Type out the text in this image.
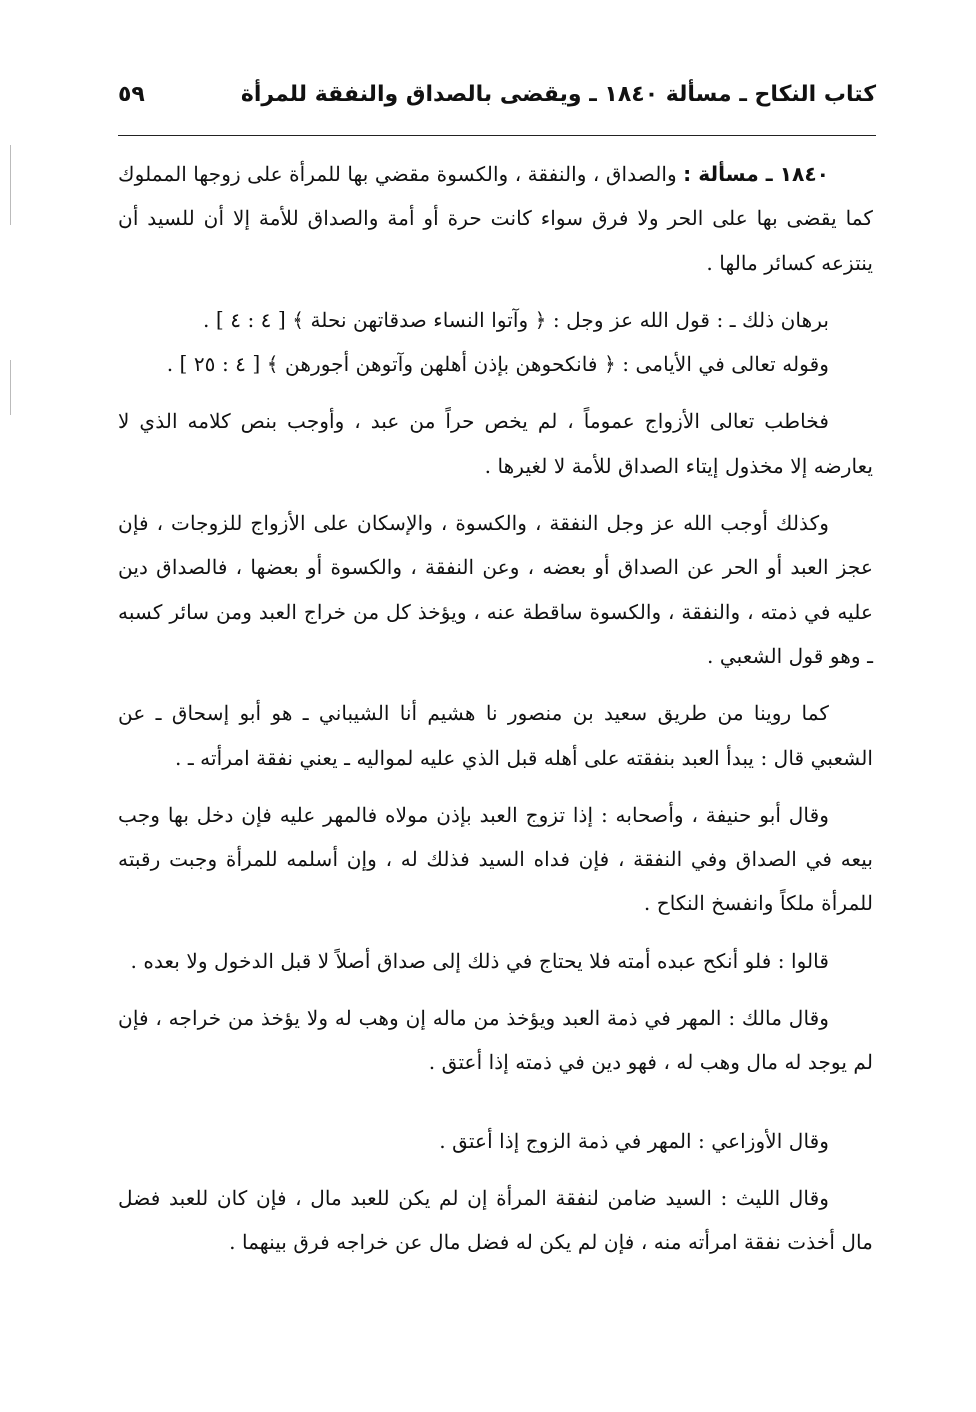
كتاب النكاح ـ مسألة ١٨٤٠ ـ ويقضى بالصداق والنفقة للمرأة
٥٩

١٨٤٠ ـ مسألة : والصداق ، والنفقة ، والكسوة مقضي بها للمرأة على زوجها المملوك كما يقضى بها على الحر ولا فرق سواء كانت حرة أو أمة والصداق للأمة إلا أن للسيد أن ينتزعه كسائر مالها .

برهان ذلك ـ : قول الله عز وجل : ﴿ وآتوا النساء صدقاتهن نحلة ﴾ [ ٤ : ٤ ] .

وقوله تعالى في الأيامى : ﴿ فانكحوهن بإذن أهلهن وآتوهن أجورهن ﴾ [ ٤ : ٢٥ ] .

فخاطب تعالى الأزواج عموماً ، لم يخص حراً من عبد ، وأوجب بنص كلامه الذي لا يعارضه إلا مخذول إيتاء الصداق للأمة لا لغيرها .

وكذلك أوجب الله عز وجل النفقة ، والكسوة ، والإسكان على الأزواج للزوجات ، فإن عجز العبد أو الحر عن الصداق أو بعضه ، وعن النفقة ، والكسوة أو بعضها ، فالصداق دين عليه في ذمته ، والنفقة ، والكسوة ساقطة عنه ، ويؤخذ كل من خراج العبد ومن سائر كسبه ـ وهو قول الشعبي .

كما روينا من طريق سعيد بن منصور نا هشيم أنا الشيباني ـ هو أبو إسحاق ـ عن الشعبي قال : يبدأ العبد بنفقته على أهله قبل الذي عليه لمواليه ـ يعني نفقة امرأته ـ .

وقال أبو حنيفة ، وأصحابه : إذا تزوج العبد بإذن مولاه فالمهر عليه فإن دخل بها وجب بيعه في الصداق وفي النفقة ، فإن فداه السيد فذلك له ، وإن أسلمه للمرأة وجبت رقبته للمرأة ملكاً وانفسخ النكاح .

قالوا : فلو أنكح عبده أمته فلا يحتاج في ذلك إلى صداق أصلاً لا قبل الدخول ولا بعده .

وقال مالك : المهر في ذمة العبد ويؤخذ من ماله إن وهب له ولا يؤخذ من خراجه ، فإن لم يوجد له مال وهب له ، فهو دين في ذمته إذا أعتق .

وقال الأوزاعي : المهر في ذمة الزوج إذا أعتق .

وقال الليث : السيد ضامن لنفقة المرأة إن لم يكن للعبد مال ، فإن كان للعبد فضل مال أخذت نفقة امرأته منه ، فإن لم يكن له فضل مال عن خراجه فرق بينهما .
